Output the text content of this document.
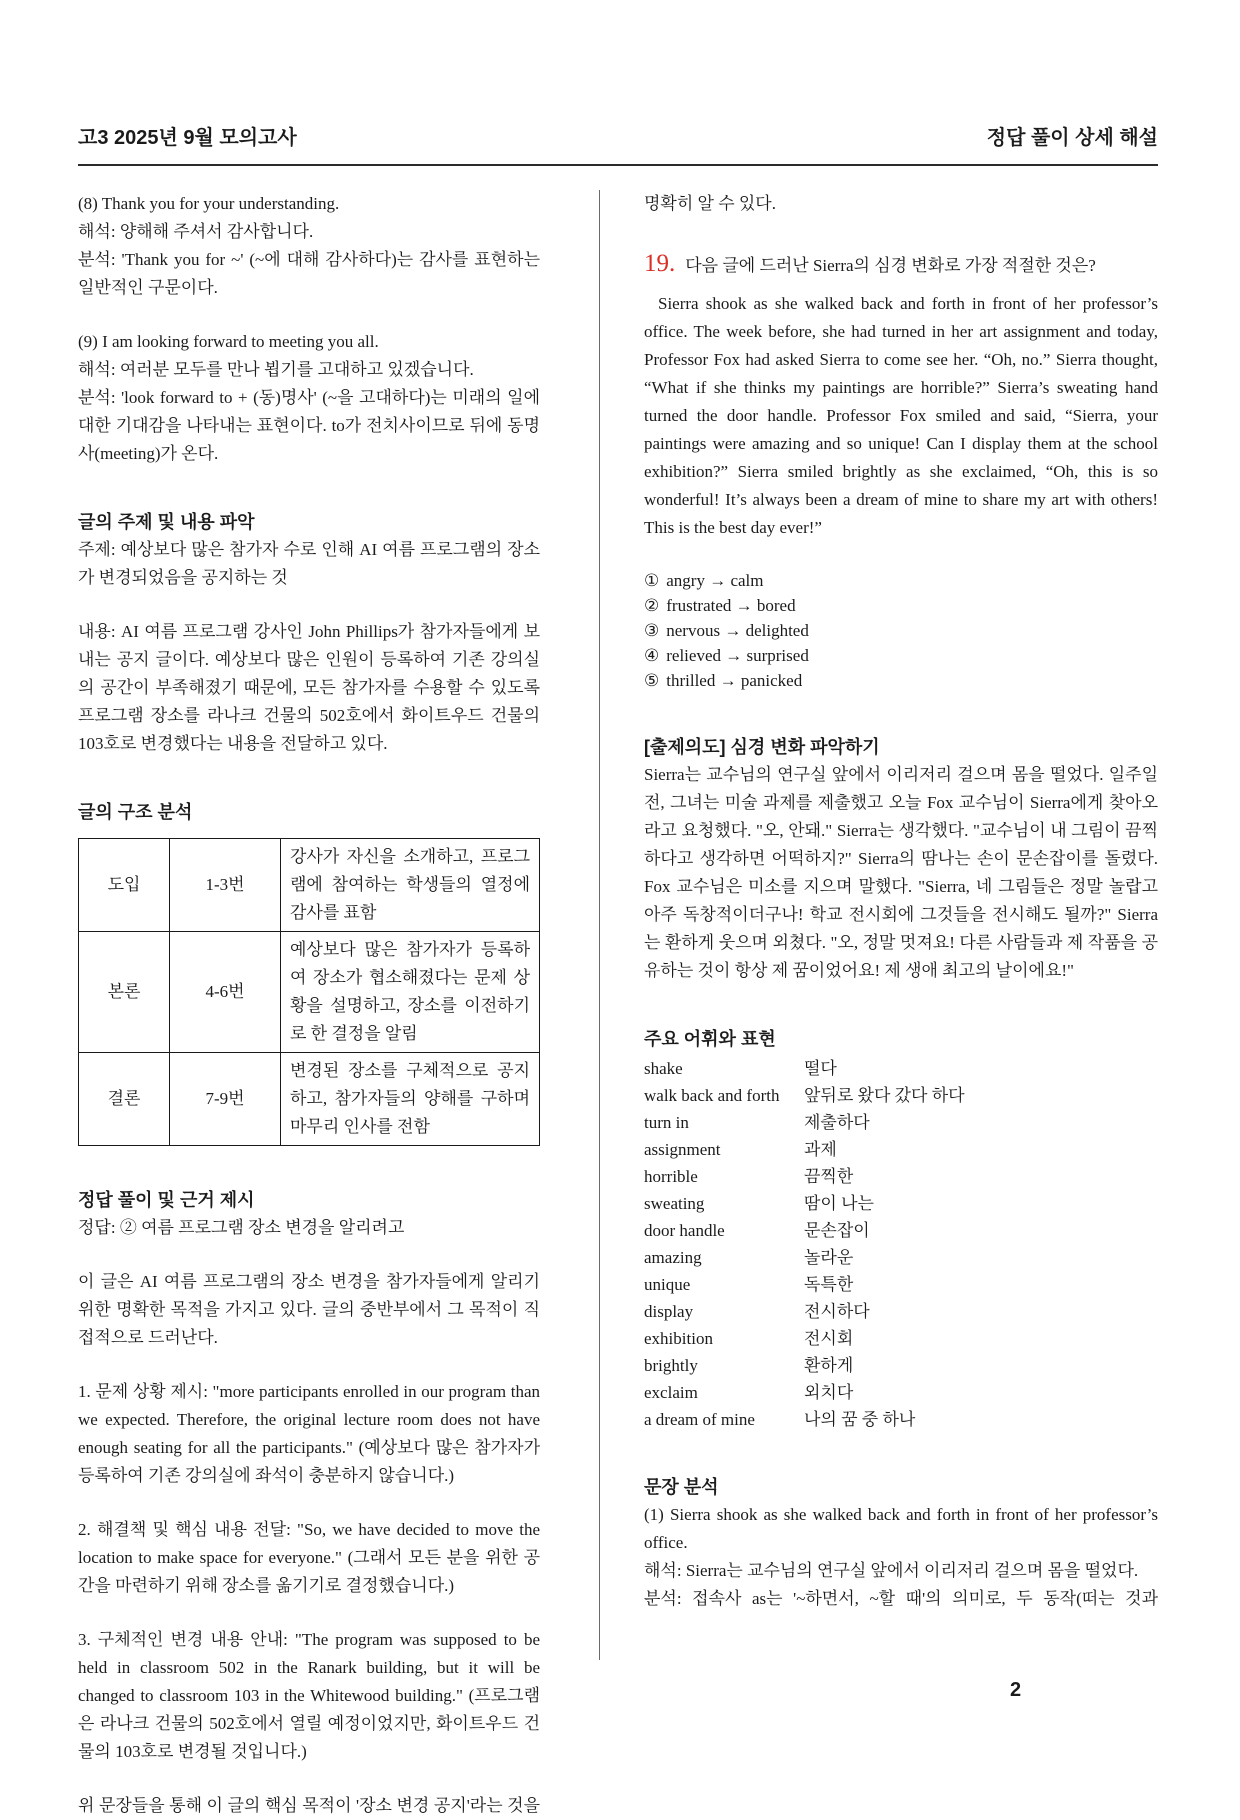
고3 2025년 9월 모의고사	정답 풀이 상세 해설
(8) Thank you for your understanding.
해석: 양해해 주셔서 감사합니다.
분석: 'Thank you for ~' (~에 대해 감사하다)는 감사를 표현하는 일반적인 구문이다.
(9) I am looking forward to meeting you all.
해석: 여러분 모두를 만나 뵙기를 고대하고 있겠습니다.
분석: 'look forward to + (동)명사' (~을 고대하다)는 미래의 일에 대한 기대감을 나타내는 표현이다. to가 전치사이므로 뒤에 동명사(meeting)가 온다.
글의 주제 및 내용 파악
주제: 예상보다 많은 참가자 수로 인해 AI 여름 프로그램의 장소가 변경되었음을 공지하는 것
내용: AI 여름 프로그램 강사인 John Phillips가 참가자들에게 보내는 공지 글이다. 예상보다 많은 인원이 등록하여 기존 강의실의 공간이 부족해졌기 때문에, 모든 참가자를 수용할 수 있도록 프로그램 장소를 라나크 건물의 502호에서 화이트우드 건물의 103호로 변경했다는 내용을 전달하고 있다.
글의 구조 분석
도입	1-3번	강사가 자신을 소개하고, 프로그램에 참여하는 학생들의 열정에 감사를 표함
본론	4-6번	예상보다 많은 참가자가 등록하여 장소가 협소해졌다는 문제 상황을 설명하고, 장소를 이전하기로 한 결정을 알림
결론	7-9번	변경된 장소를 구체적으로 공지하고, 참가자들의 양해를 구하며 마무리 인사를 전함
정답 풀이 및 근거 제시
정답: ② 여름 프로그램 장소 변경을 알리려고
이 글은 AI 여름 프로그램의 장소 변경을 참가자들에게 알리기 위한 명확한 목적을 가지고 있다. 글의 중반부에서 그 목적이 직접적으로 드러난다.
1. 문제 상황 제시: "more participants enrolled in our program than we expected. Therefore, the original lecture room does not have enough seating for all the participants." (예상보다 많은 참가자가 등록하여 기존 강의실에 좌석이 충분하지 않습니다.)
2. 해결책 및 핵심 내용 전달: "So, we have decided to move the location to make space for everyone." (그래서 모든 분을 위한 공간을 마련하기 위해 장소를 옮기기로 결정했습니다.)
3. 구체적인 변경 내용 안내: "The program was supposed to be held in classroom 502 in the Ranark building, but it will be changed to classroom 103 in the Whitewood building." (프로그램은 라나크 건물의 502호에서 열릴 예정이었지만, 화이트우드 건물의 103호로 변경될 것입니다.)
위 문장들을 통해 이 글의 핵심 목적이 '장소 변경 공지'라는 것을
명확히 알 수 있다.
19. 다음 글에 드러난 Sierra의 심경 변화로 가장 적절한 것은?

Sierra shook as she walked back and forth in front of her professor’s office. The week before, she had turned in her art assignment and today, Professor Fox had asked Sierra to come see her. “Oh, no.” Sierra thought, “What if she thinks my paintings are horrible?” Sierra’s sweating hand turned the door handle. Professor Fox smiled and said, “Sierra, your paintings were amazing and so unique! Can I display them at the school exhibition?” Sierra smiled brightly as she exclaimed, “Oh, this is so wonderful! It’s always been a dream of mine to share my art with others! This is the best day ever!”

① angry → calm
② frustrated → bored
③ nervous → delighted
④ relieved → surprised
⑤ thrilled → panicked
[출제의도] 심경 변화 파악하기
Sierra는 교수님의 연구실 앞에서 이리저리 걸으며 몸을 떨었다. 일주일 전, 그녀는 미술 과제를 제출했고 오늘 Fox 교수님이 Sierra에게 찾아오라고 요청했다. "오, 안돼." Sierra는 생각했다. "교수님이 내 그림이 끔찍하다고 생각하면 어떡하지?" Sierra의 땀나는 손이 문손잡이를 돌렸다. Fox 교수님은 미소를 지으며 말했다. "Sierra, 네 그림들은 정말 놀랍고 아주 독창적이더구나! 학교 전시회에 그것들을 전시해도 될까?" Sierra는 환하게 웃으며 외쳤다. "오, 정말 멋져요! 다른 사람들과 제 작품을 공유하는 것이 항상 제 꿈이었어요! 제 생애 최고의 날이에요!"
주요 어휘와 표현
shake	떨다
walk back and forth	앞뒤로 왔다 갔다 하다
turn in	제출하다
assignment	과제
horrible	끔찍한
sweating	땀이 나는
door handle	문손잡이
amazing	놀라운
unique	독특한
display	전시하다
exhibition	전시회
brightly	환하게
exclaim	외치다
a dream of mine	나의 꿈 중 하나
문장 분석
(1) Sierra shook as she walked back and forth in front of her professor’s office.
해석: Sierra는 교수님의 연구실 앞에서 이리저리 걸으며 몸을 떨었다.
분석: 접속사 as는 '~하면서, ~할 때'의 의미로, 두 동작(떠는 것과
2
